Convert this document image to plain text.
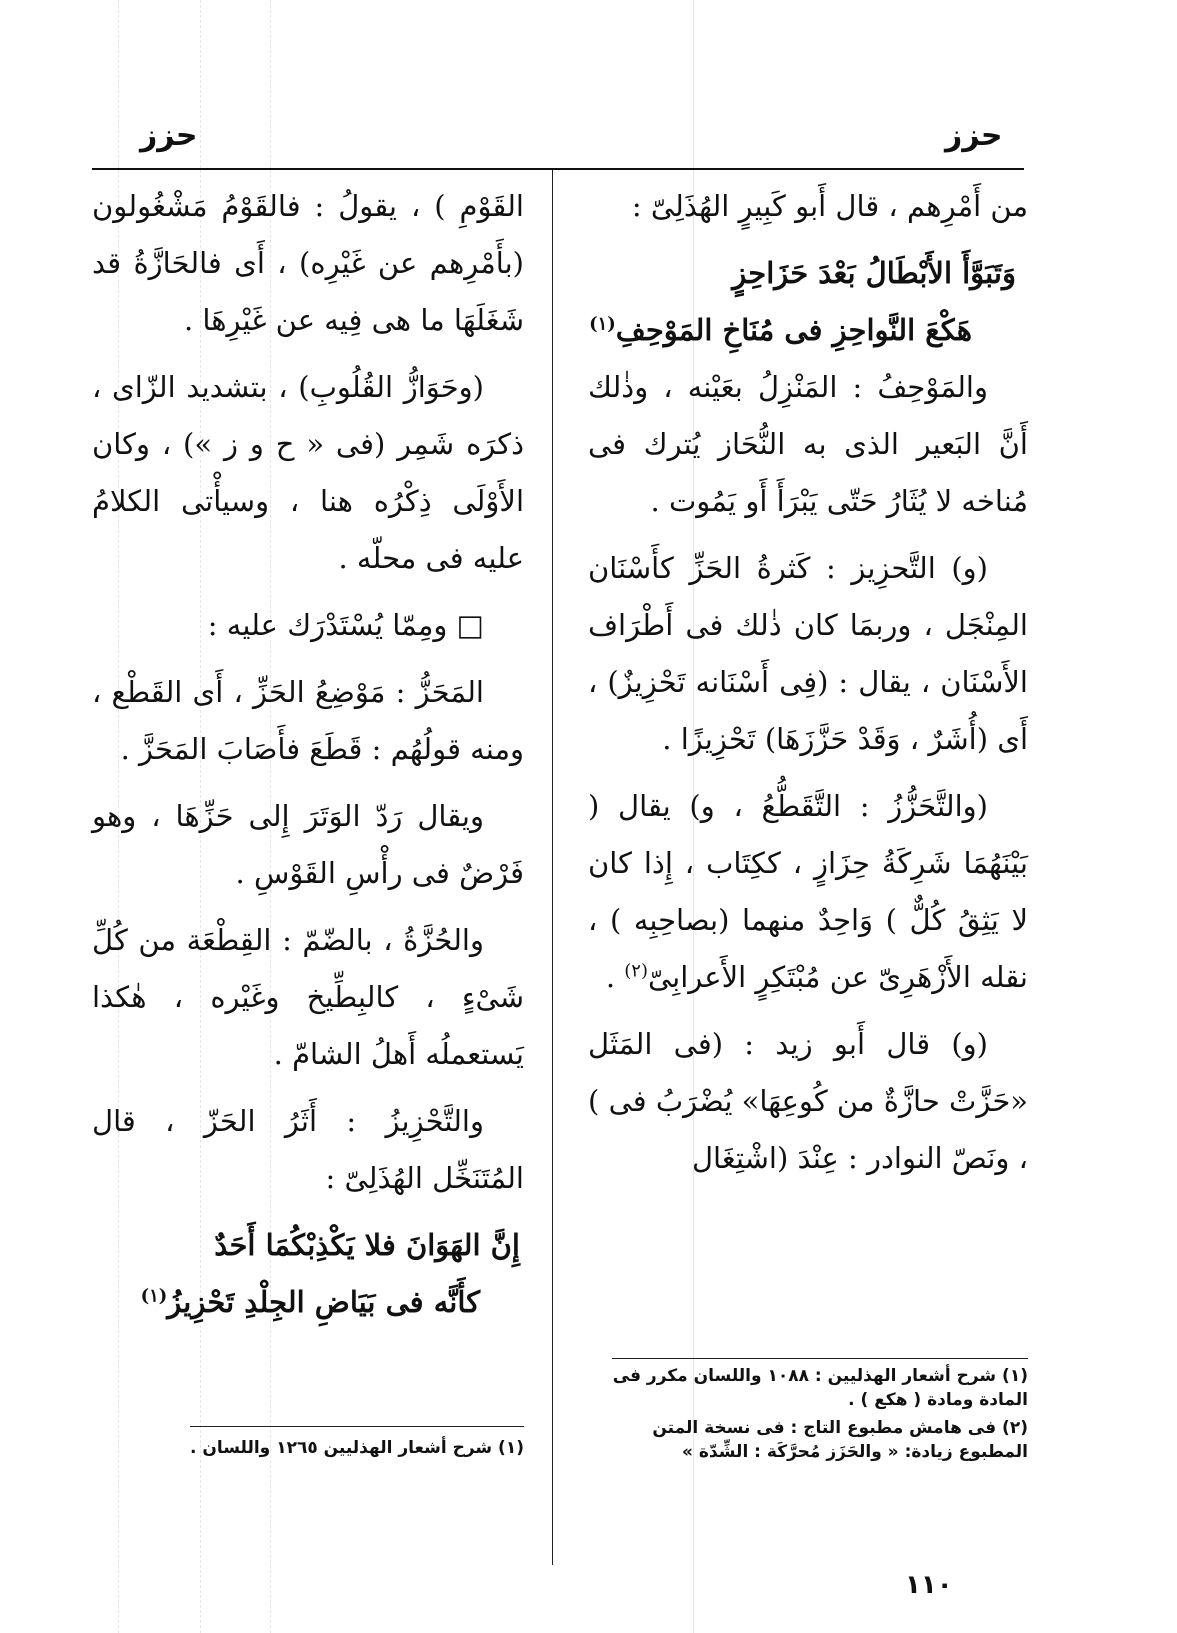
حزز
حزز

من أَمْرِهم ، قال أَبو كَبِيرٍ الهُذَلِىّ :

وَتَبَوَّأَ الأَبْطَالُ بَعْدَ حَزَاحِزٍ

هَكْعَ النَّواحِزِ فى مُنَاخِ المَوْحِفِ$^{(١)}$

والمَوْحِفُ : المَنْزِلُ بعَيْنه ، وذٰلك أَنَّ البَعير الذى به النُّحَاز يُترك فى مُناخه لا يُثَارُ حَتّى يَبْرَأَ أَو يَمُوت .

(و) التَّحزِيز : كَثرةُ الحَزِّ كأَسْنَان المِنْجَل ، وربمَا كان ذٰلك فى أَطْرَاف الأَسْنَان ، يقال : (فِى أَسْنَانه تَحْزِيزٌ) ، أَى (أُشَرٌ ، وَقَدْ حَزَّزَهَا) تَحْزِيزًا .

(والتَّحَزُّزُ : التَّقَطُّعُ ، و) يقال ( بَيْنَهُمَا شَرِكَةُ حِزَازٍ ، ككِتَاب ، إِذا كان لا يَثِقُ كُلٌّ ) وَاحِدٌ منهما (بصاحِبِه ) ، نقله الأَزْهَرِىّ عن مُبْتَكِرٍ الأَعرابِىّ$^{(٢)}$ .

(و) قال أَبو زيد : (فى المَثَل «حَزَّتْ حازَّةٌ من كُوعِهَا» يُضْرَبُ فى ) ، ونَصّ النوادر : عِنْدَ (اشْتِغَال

القَوْمِ ) ، يقولُ : فالقَوْمُ مَشْغُولون (بأَمْرِهم عن غَيْرِه) ، أَى فالحَازَّةُ قد شَغَلَهَا ما هى فِيه عن غَيْرِهَا .

(وحَوَازُّ القُلُوبِ) ، بتشديد الزّاى ، ذكرَه شَمِر (فى « ح و ز ») ، وكان الأَوْلَى ذِكْرُه هنا ، وسيأْتى الكلامُ عليه فى محلّه .

□ ومِمّا يُسْتَدْرَك عليه :

المَحَزُّ : مَوْضِعُ الحَزِّ ، أَى القَطْع ، ومنه قولُهُم : قَطَعَ فأَصَابَ المَحَزَّ .

ويقال رَدّ الوَتَرَ إِلى حَزِّهَا ، وهو فَرْضٌ فى رأْسِ القَوْسِ .

والحُزَّةُ ، بالضّمّ : القِطْعَة من كُلِّ شَىْءٍ ، كالبِطِّيخ وغَيْره ، هٰكذا يَستعملُه أَهلُ الشامّ .

والتَّحْزِيزُ : أَثَرُ الحَزّ ، قال المُتَنَخِّل الهُذَلِىّ :

إِنَّ الهَوَانَ فلا يَكْذِبْكُمَا أَحَدٌ

كأَنَّه فى بَيَاضِ الجِلْدِ تَحْزِيزُ$^{(١)}$

(١) شرح أشعار الهذليين : ١٠٨٨ واللسان مكرر فى المادة ومادة ( هكع ) .

(٢) فى هامش مطبوع التاج : فى نسخة المتن المطبوع زيادة: « والحَزَز مُحرَّكَة : الشِّدّة »

(١) شرح أشعار الهذليين ١٢٦٥ واللسان .

١١٠
